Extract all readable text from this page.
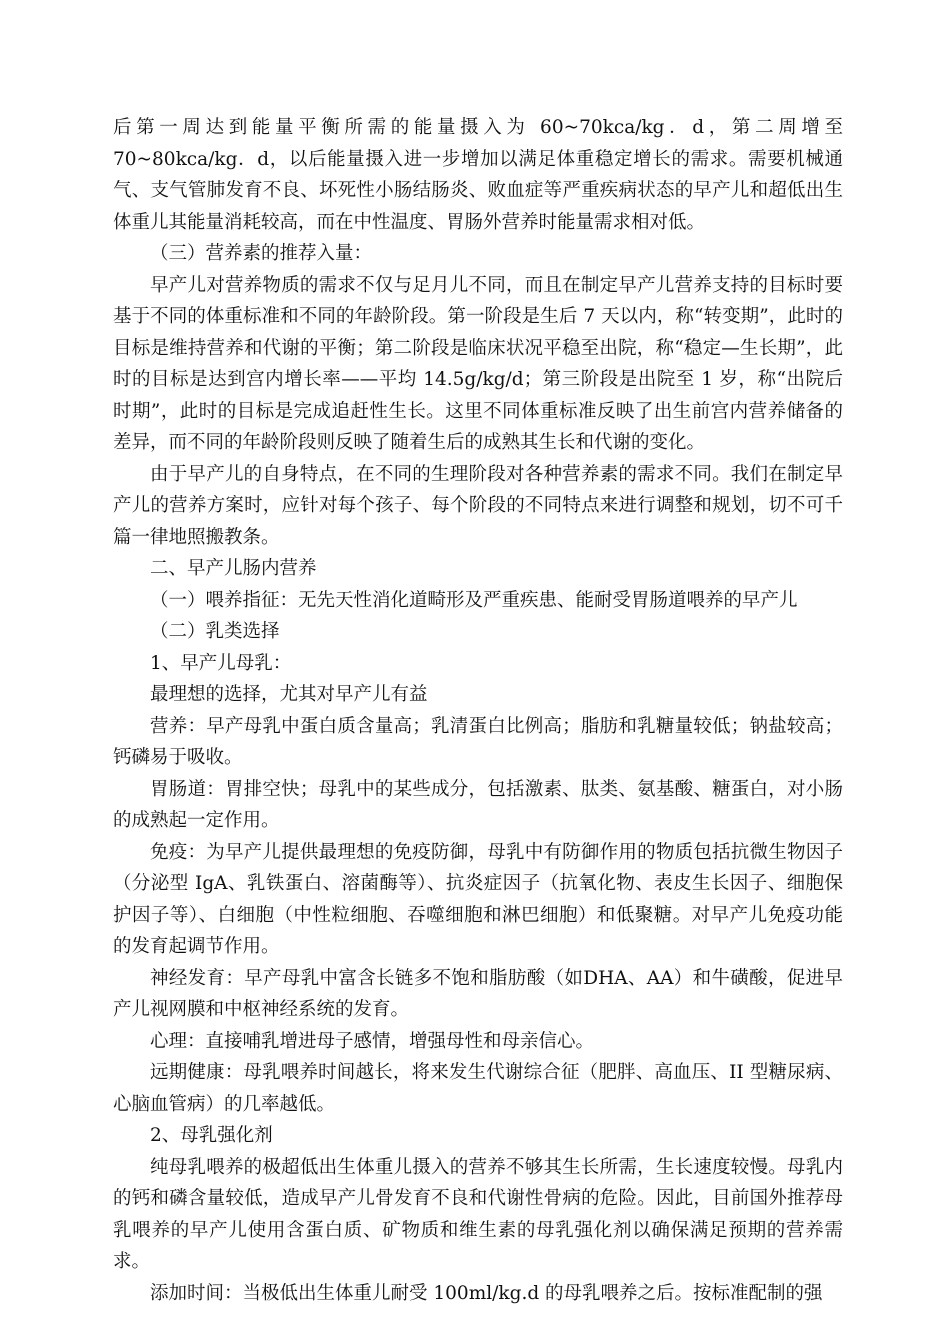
后第一周达到能量平衡所需的能量摄入为 60~70kca/kg．d，第二周增至 70~80kca/kg．d，以后能量摄入进一步增加以满足体重稳定增长的需求。需要机械通气、支气管肺发育不良、坏死性小肠结肠炎、败血症等严重疾病状态的早产儿和超低出生体重儿其能量消耗较高，而在中性温度、胃肠外营养时能量需求相对低。

（三）营养素的推荐入量：

早产儿对营养物质的需求不仅与足月儿不同，而且在制定早产儿营养支持的目标时要基于不同的体重标准和不同的年龄阶段。第一阶段是生后 7 天以内，称“转变期”，此时的目标是维持营养和代谢的平衡；第二阶段是临床状况平稳至出院，称“稳定—生长期”，此时的目标是达到宫内增长率——平均 14.5g/kg/d；第三阶段是出院至 1 岁，称“出院后时期”，此时的目标是完成追赶性生长。这里不同体重标准反映了出生前宫内营养储备的差异，而不同的年龄阶段则反映了随着生后的成熟其生长和代谢的变化。

由于早产儿的自身特点，在不同的生理阶段对各种营养素的需求不同。我们在制定早产儿的营养方案时，应针对每个孩子、每个阶段的不同特点来进行调整和规划，切不可千篇一律地照搬教条。

二、早产儿肠内营养

（一）喂养指征：无先天性消化道畸形及严重疾患、能耐受胃肠道喂养的早产儿

（二）乳类选择

1、早产儿母乳：

最理想的选择，尤其对早产儿有益

营养：早产母乳中蛋白质含量高；乳清蛋白比例高；脂肪和乳糖量较低；钠盐较高；钙磷易于吸收。

胃肠道：胃排空快；母乳中的某些成分，包括激素、肽类、氨基酸、糖蛋白，对小肠的成熟起一定作用。

免疫：为早产儿提供最理想的免疫防御，母乳中有防御作用的物质包括抗微生物因子（分泌型 IgA、乳铁蛋白、溶菌酶等）、抗炎症因子（抗氧化物、表皮生长因子、细胞保护因子等）、白细胞（中性粒细胞、吞噬细胞和淋巴细胞）和低聚糖。对早产儿免疫功能的发育起调节作用。

神经发育：早产母乳中富含长链多不饱和脂肪酸（如DHA、AA）和牛磺酸，促进早产儿视网膜和中枢神经系统的发育。

心理：直接哺乳增进母子感情，增强母性和母亲信心。

远期健康：母乳喂养时间越长，将来发生代谢综合征（肥胖、高血压、II 型糖尿病、心脑血管病）的几率越低。

2、母乳强化剂

纯母乳喂养的极超低出生体重儿摄入的营养不够其生长所需，生长速度较慢。母乳内的钙和磷含量较低，造成早产儿骨发育不良和代谢性骨病的危险。因此，目前国外推荐母乳喂养的早产儿使用含蛋白质、矿物质和维生素的母乳强化剂以确保满足预期的营养需求。

添加时间：当极低出生体重儿耐受 100ml/kg.d 的母乳喂养之后。按标准配制的强
